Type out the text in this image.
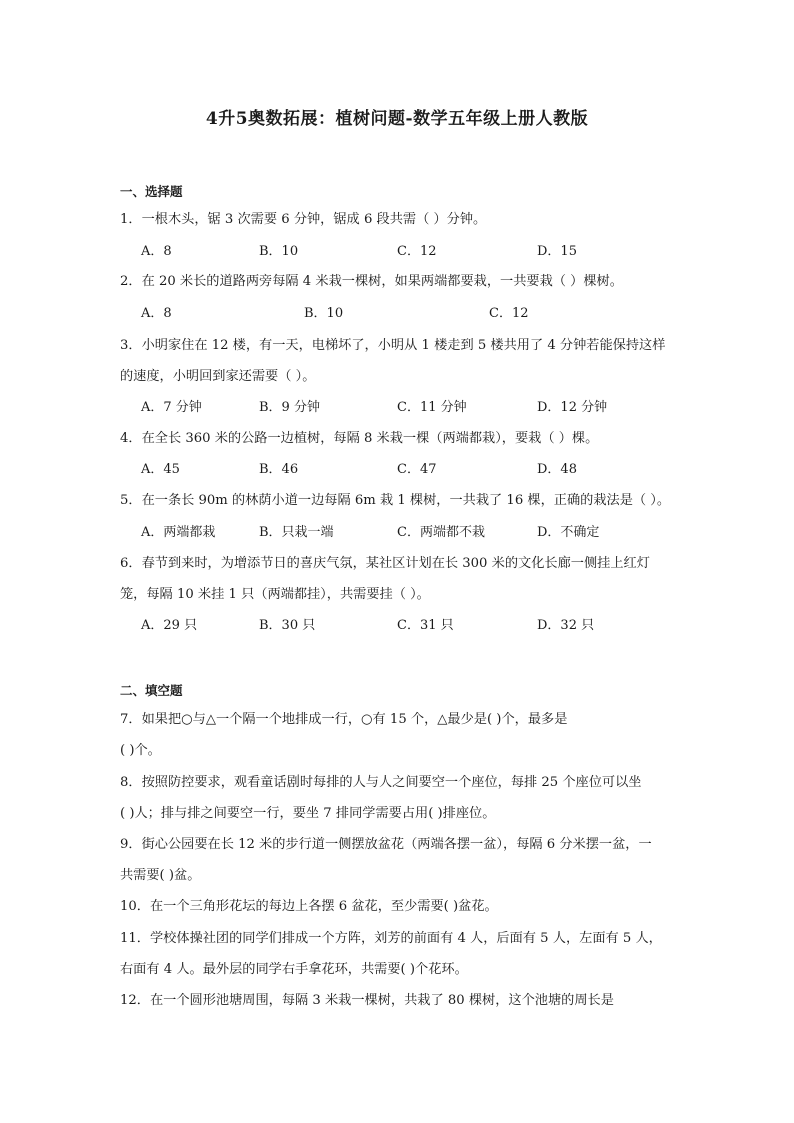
4升5奥数拓展：植树问题-数学五年级上册人教版
一、选择题
1．一根木头，锯 3 次需要 6 分钟，锯成 6 段共需（ ）分钟。
A．8	B．10	C．12	D．15
2．在 20 米长的道路两旁每隔 4 米栽一棵树，如果两端都要栽，一共要栽（ ）棵树。
A．8	B．10	C．12
3．小明家住在 12 楼，有一天，电梯坏了，小明从 1 楼走到 5 楼共用了 4 分钟若能保持这样
的速度，小明回到家还需要（ ）。
A．7 分钟	B．9 分钟	C．11 分钟	D．12 分钟
4．在全长 360 米的公路一边植树，每隔 8 米栽一棵（两端都栽），要栽（ ）棵。
A．45	B．46	C．47	D．48
5．在一条长 90m 的林荫小道一边每隔 6m 栽 1 棵树，一共栽了 16 棵，正确的栽法是（ ）。
A．两端都栽	B．只栽一端	C．两端都不栽	D．不确定
6．春节到来时，为增添节日的喜庆气氛，某社区计划在长 300 米的文化长廊一侧挂上红灯
笼，每隔 10 米挂 1 只（两端都挂），共需要挂（ ）。
A．29 只	B．30 只	C．31 只	D．32 只
二、填空题
7．如果把○与△一个隔一个地排成一行，○有 15 个，△最少是( )个，最多是
( )个。
8．按照防控要求，观看童话剧时每排的人与人之间要空一个座位，每排 25 个座位可以坐
( )人；排与排之间要空一行，要坐 7 排同学需要占用( )排座位。
9．街心公园要在长 12 米的步行道一侧摆放盆花（两端各摆一盆），每隔 6 分米摆一盆，一
共需要( )盆。
10．在一个三角形花坛的每边上各摆 6 盆花，至少需要( )盆花。
11．学校体操社团的同学们排成一个方阵，刘芳的前面有 4 人，后面有 5 人，左面有 5 人，
右面有 4 人。最外层的同学右手拿花环，共需要( )个花环。
12．在一个圆形池塘周围，每隔 3 米栽一棵树，共栽了 80 棵树，这个池塘的周长是
